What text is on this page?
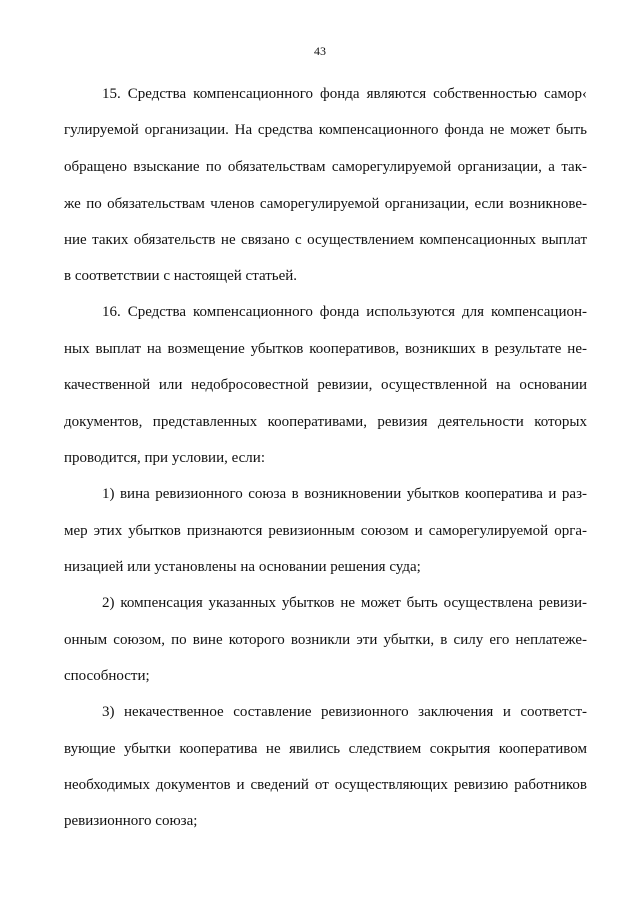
43
15. Средства компенсационного фонда являются собственностью самор‹
гулируемой организации. На средства компенсационного фонда не может быть
обращено взыскание по обязательствам саморегулируемой организации, а так-
же по обязательствам членов саморегулируемой организации, если возникнове-
ние таких обязательств не связано с осуществлением компенсационных выплат
в соответствии с настоящей статьей.
16. Средства компенсационного фонда используются для компенсацион-
ных выплат на возмещение убытков кооперативов, возникших в результате не-
качественной или недобросовестной ревизии, осуществленной на основании
документов, представленных кооперативами, ревизия деятельности которых
проводится, при условии, если:
1) вина ревизионного союза в возникновении убытков кооператива и раз-
мер этих убытков признаются ревизионным союзом и саморегулируемой орга-
низацией или установлены на основании решения суда;
2) компенсация указанных убытков не может быть осуществлена ревизи-
онным союзом, по вине которого возникли эти убытки, в силу его неплатеже-
способности;
3) некачественное составление ревизионного заключения и соответст-
вующие убытки кооператива не явились следствием сокрытия кооперативом
необходимых документов и сведений от осуществляющих ревизию работников
ревизионного союза;
